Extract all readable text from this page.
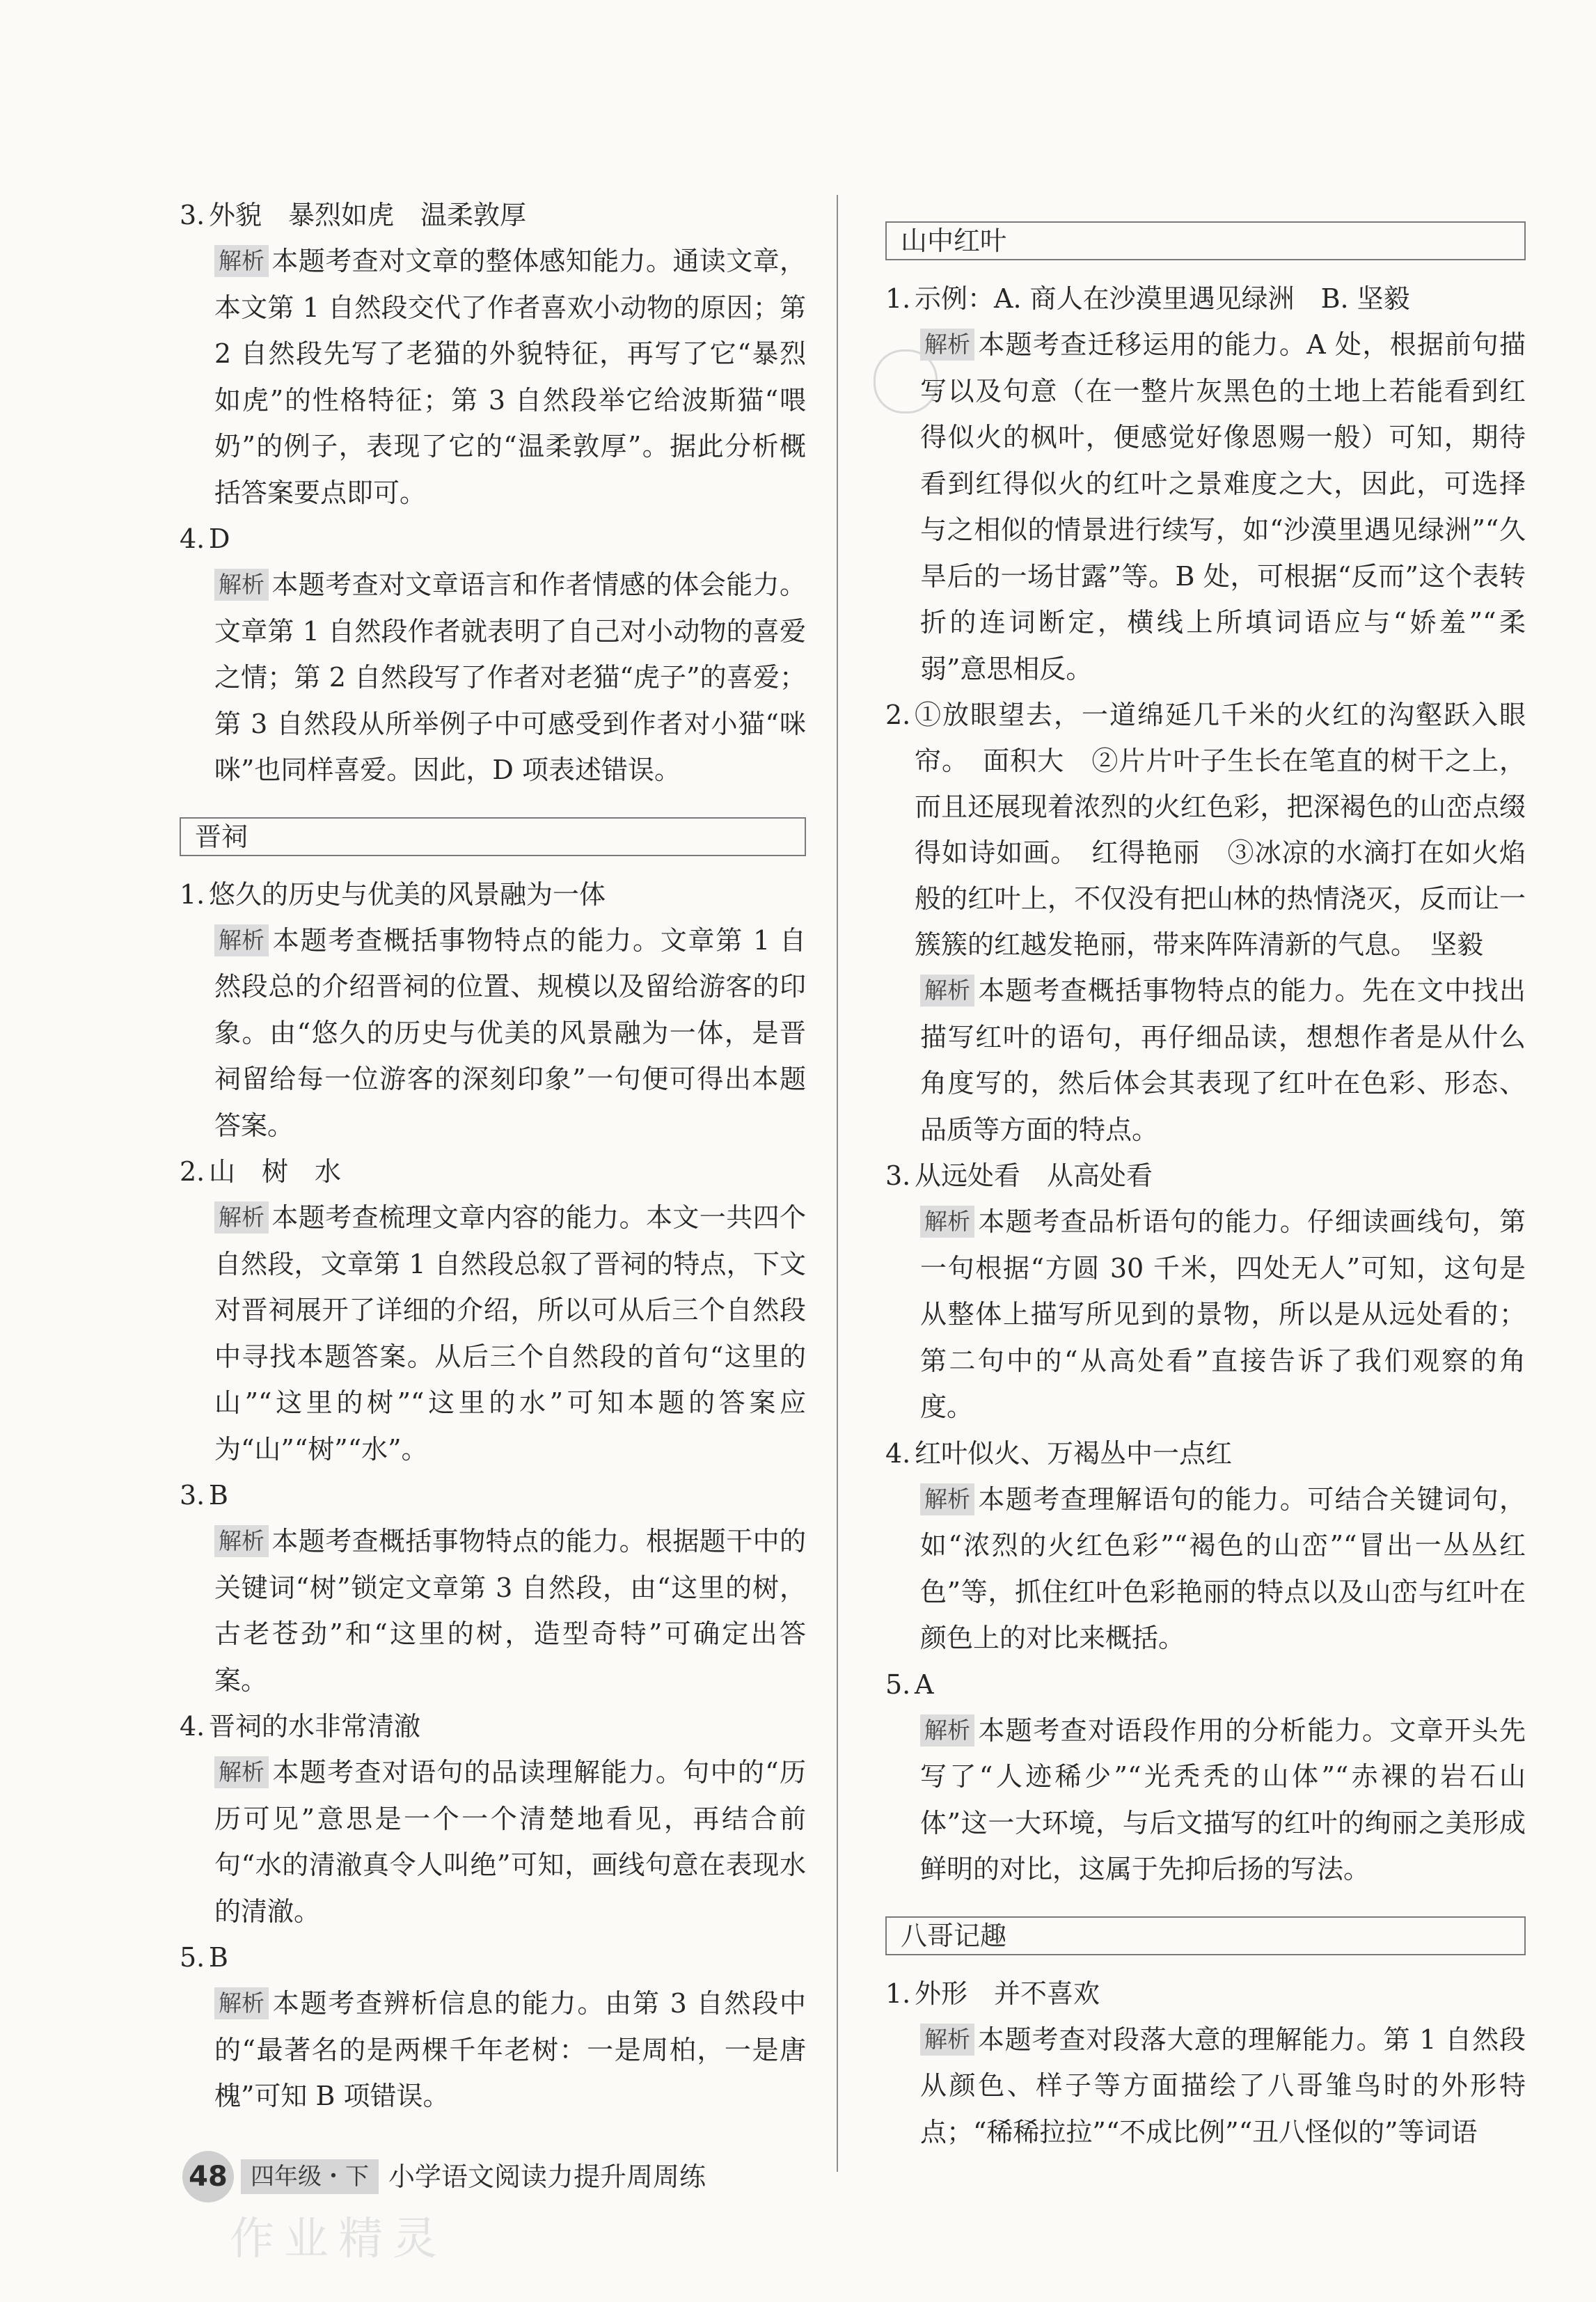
3. 外貌　暴烈如虎　温柔敦厚
解析 本题考查对文章的整体感知能力。通读文章，本文第 1 自然段交代了作者喜欢小动物的原因；第 2 自然段先写了老猫的外貌特征，再写了它“暴烈如虎”的性格特征；第 3 自然段举它给波斯猫“喂奶”的例子，表现了它的“温柔敦厚”。据此分析概括答案要点即可。
4. D
解析 本题考查对文章语言和作者情感的体会能力。文章第 1 自然段作者就表明了自己对小动物的喜爱之情；第 2 自然段写了作者对老猫“虎子”的喜爱；第 3 自然段从所举例子中可感受到作者对小猫“咪咪”也同样喜爱。因此，D 项表述错误。
晋祠
1. 悠久的历史与优美的风景融为一体
解析 本题考查概括事物特点的能力。文章第 1 自然段总的介绍晋祠的位置、规模以及留给游客的印象。由“悠久的历史与优美的风景融为一体，是晋祠留给每一位游客的深刻印象”一句便可得出本题答案。
2. 山　树　水
解析 本题考查梳理文章内容的能力。本文一共四个自然段，文章第 1 自然段总叙了晋祠的特点，下文对晋祠展开了详细的介绍，所以可从后三个自然段中寻找本题答案。从后三个自然段的首句“这里的山”“这里的树”“这里的水”可知本题的答案应为“山”“树”“水”。
3. B
解析 本题考查概括事物特点的能力。根据题干中的关键词“树”锁定文章第 3 自然段，由“这里的树，古老苍劲”和“这里的树，造型奇特”可确定出答案。
4. 晋祠的水非常清澈
解析 本题考查对语句的品读理解能力。句中的“历历可见”意思是一个一个清楚地看见，再结合前句“水的清澈真令人叫绝”可知，画线句意在表现水的清澈。
5. B
解析 本题考查辨析信息的能力。由第 3 自然段中的“最著名的是两棵千年老树：一是周柏，一是唐槐”可知 B 项错误。
山中红叶
1. 示例：A. 商人在沙漠里遇见绿洲　B. 坚毅
解析 本题考查迁移运用的能力。A 处，根据前句描写以及句意（在一整片灰黑色的土地上若能看到红得似火的枫叶，便感觉好像恩赐一般）可知，期待看到红得似火的红叶之景难度之大，因此，可选择与之相似的情景进行续写，如“沙漠里遇见绿洲”“久旱后的一场甘露”等。B 处，可根据“反而”这个表转折的连词断定，横线上所填词语应与“娇羞”“柔弱”意思相反。
2. ①放眼望去，一道绵延几千米的火红的沟壑跃入眼帘。　面积大　②片片叶子生长在笔直的树干之上，而且还展现着浓烈的火红色彩，把深褐色的山峦点缀得如诗如画。　红得艳丽　③冰凉的水滴打在如火焰般的红叶上，不仅没有把山林的热情浇灭，反而让一簇簇的红越发艳丽，带来阵阵清新的气息。　坚毅
解析 本题考查概括事物特点的能力。先在文中找出描写红叶的语句，再仔细品读，想想作者是从什么角度写的，然后体会其表现了红叶在色彩、形态、品质等方面的特点。
3. 从远处看　从高处看
解析 本题考查品析语句的能力。仔细读画线句，第一句根据“方圆 30 千米，四处无人”可知，这句是从整体上描写所见到的景物，所以是从远处看的；第二句中的“从高处看”直接告诉了我们观察的角度。
4. 红叶似火、万褐丛中一点红
解析 本题考查理解语句的能力。可结合关键词句，如“浓烈的火红色彩”“褐色的山峦”“冒出一丛丛红色”等，抓住红叶色彩艳丽的特点以及山峦与红叶在颜色上的对比来概括。
5. A
解析 本题考查对语段作用的分析能力。文章开头先写了“人迹稀少”“光秃秃的山体”“赤裸的岩石山体”这一大环境，与后文描写的红叶的绚丽之美形成鲜明的对比，这属于先抑后扬的写法。
八哥记趣
1. 外形　并不喜欢
解析 本题考查对段落大意的理解能力。第 1 自然段从颜色、样子等方面描绘了八哥雏鸟时的外形特点；“稀稀拉拉”“不成比例”“丑八怪似的”等词语
48 四年级・下 小学语文阅读力提升周周练
作业精灵
